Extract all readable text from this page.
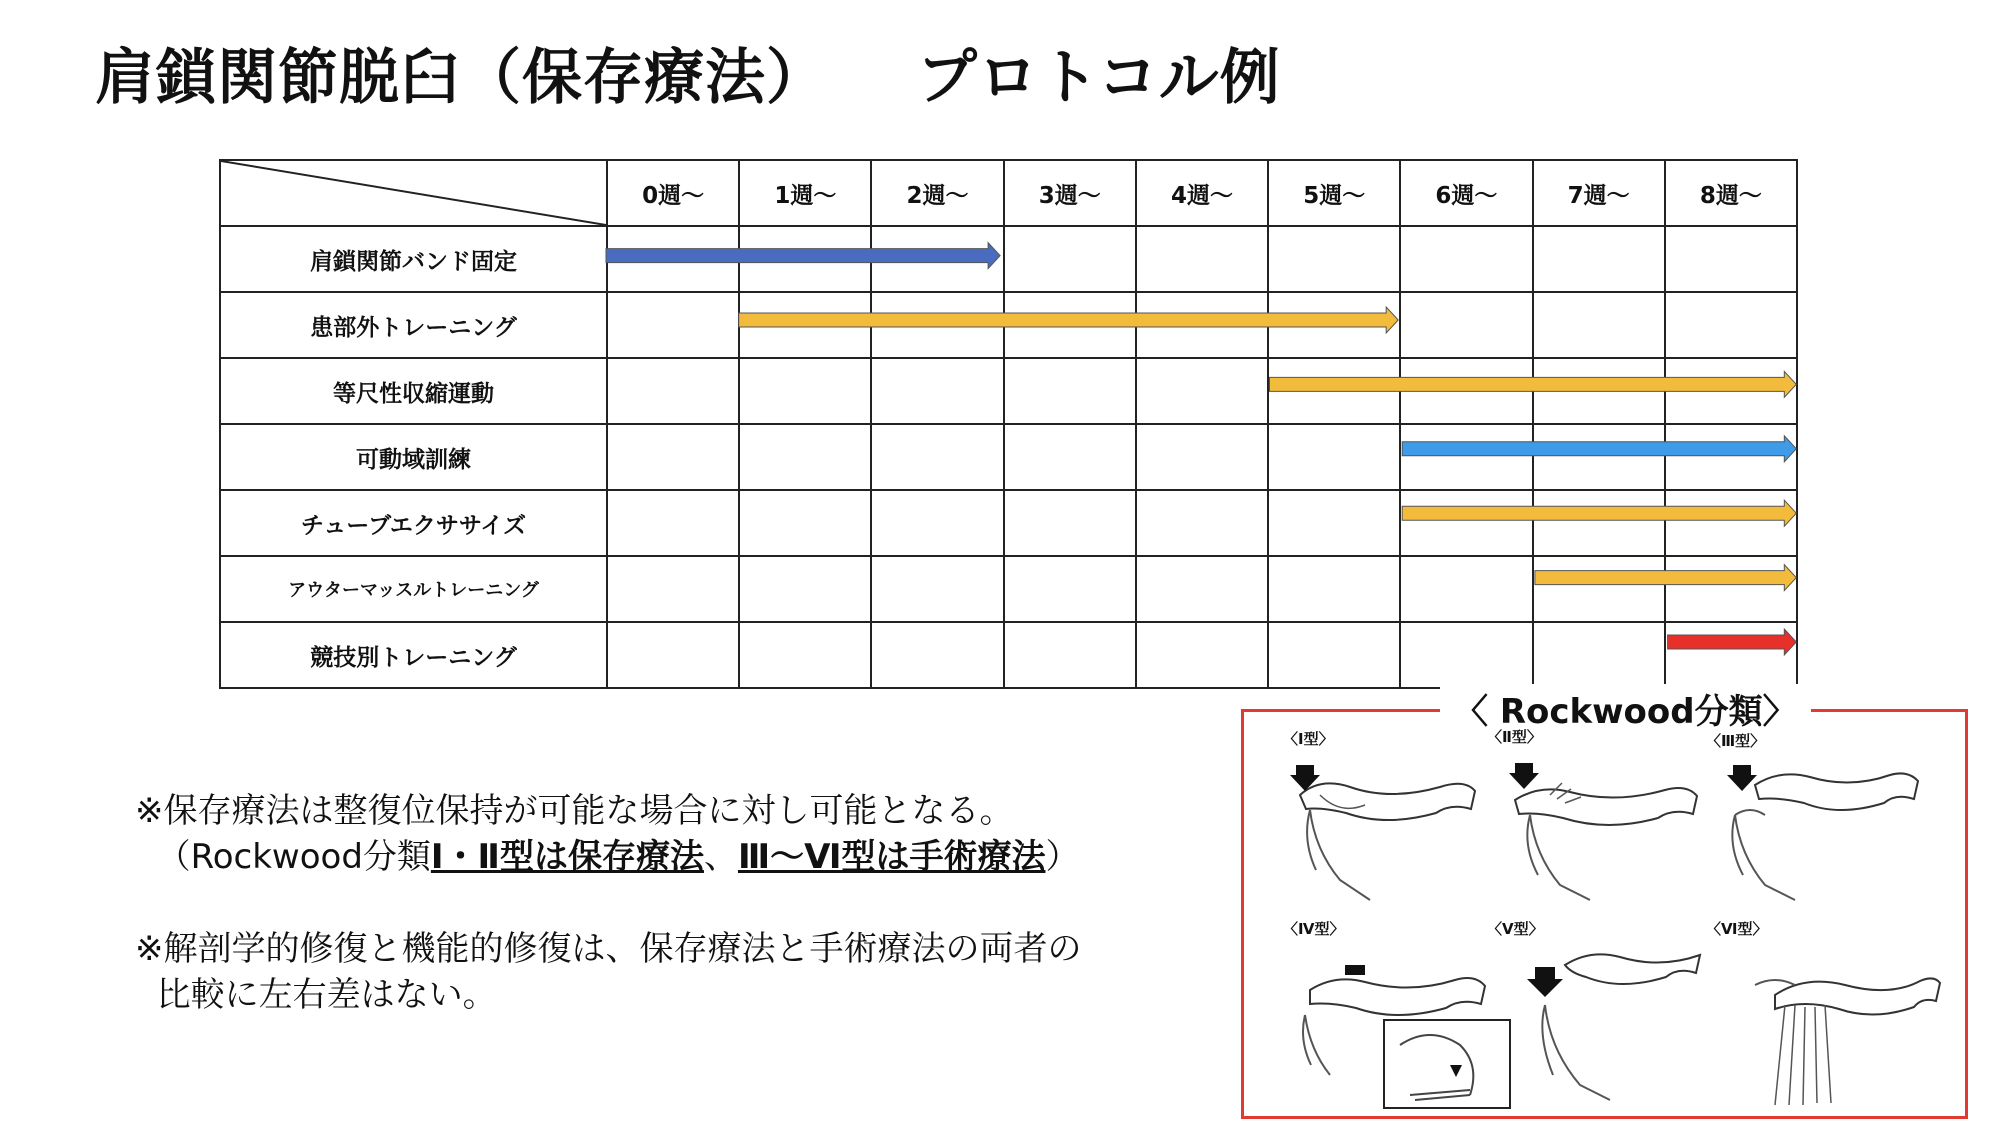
肩鎖関節脱臼（保存療法） プロトコル例
	0週〜	1週〜	2週〜	3週〜	4週〜	5週〜	6週〜	7週〜	8週〜
肩鎖関節バンド固定									
患部外トレーニング									
等尺性収縮運動									
可動域訓練									
チューブエクササイズ									
アウターマッスルトレーニング									
競技別トレーニング									
※保存療法は整復位保持が可能な場合に対し可能となる。
（Rockwood分類Ⅰ・Ⅱ型は保存療法、Ⅲ〜Ⅵ型は手術療法）
※解剖学的修復と機能的修復は、保存療法と手術療法の両者の
比較に左右差はない。
〈 Rockwood分類〉
〈Ⅰ型〉	〈Ⅱ型〉	〈Ⅲ型〉
〈Ⅳ型〉	〈Ⅴ型〉	〈Ⅵ型〉
